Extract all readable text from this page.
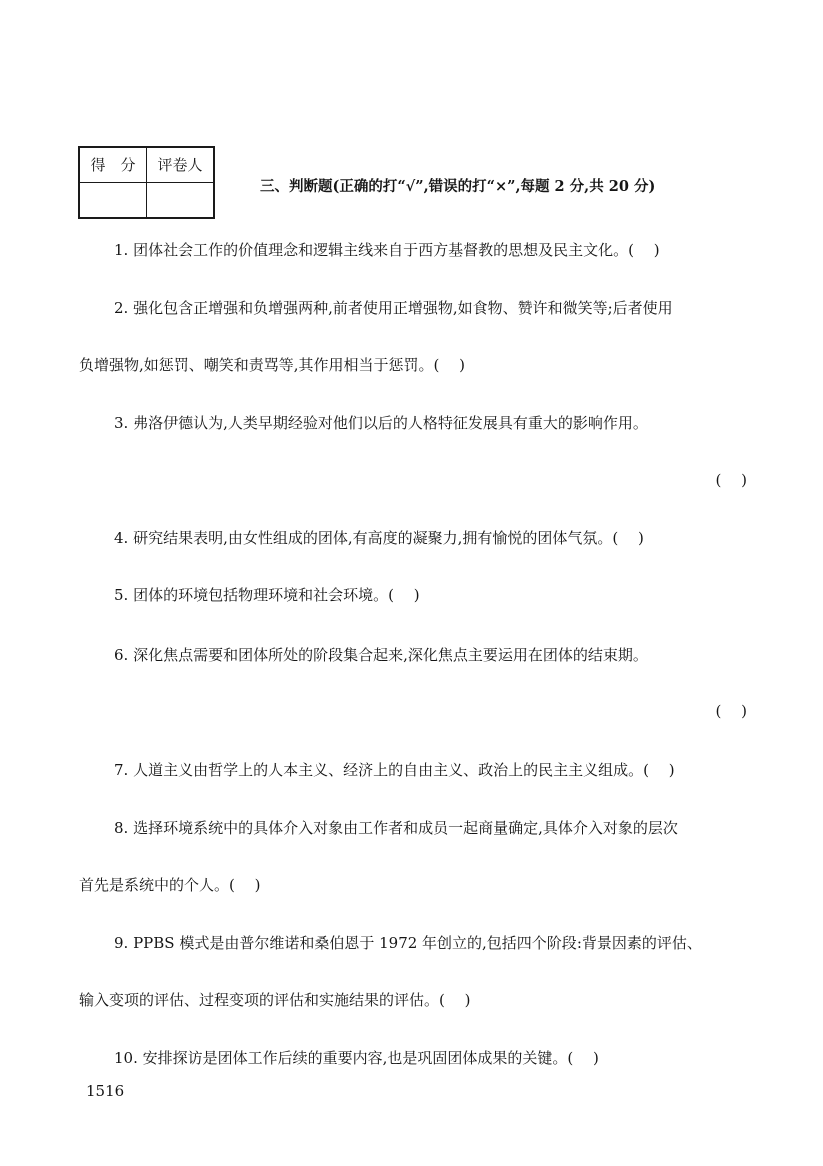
得　分	评卷人

三、判断题(正确的打“√”,错误的打“×”,每题 2 分,共 20 分)
1. 团体社会工作的价值理念和逻辑主线来自于西方基督教的思想及民主文化。(　 )
2. 强化包含正增强和负增强两种,前者使用正增强物,如食物、赞许和微笑等;后者使用
负增强物,如惩罚、嘲笑和责骂等,其作用相当于惩罚。(　 )
3. 弗洛伊德认为,人类早期经验对他们以后的人格特征发展具有重大的影响作用。
(　 )
4. 研究结果表明,由女性组成的团体,有高度的凝聚力,拥有愉悦的团体气氛。(　 )
5. 团体的环境包括物理环境和社会环境。(　 )
6. 深化焦点需要和团体所处的阶段集合起来,深化焦点主要运用在团体的结束期。
(　 )
7. 人道主义由哲学上的人本主义、经济上的自由主义、政治上的民主主义组成。(　 )
8. 选择环境系统中的具体介入对象由工作者和成员一起商量确定,具体介入对象的层次
首先是系统中的个人。(　 )
9. PPBS 模式是由普尔维诺和桑伯恩于 1972 年创立的,包括四个阶段:背景因素的评估、
输入变项的评估、过程变项的评估和实施结果的评估。(　 )
10. 安排探访是团体工作后续的重要内容,也是巩固团体成果的关键。(　 )
1516
